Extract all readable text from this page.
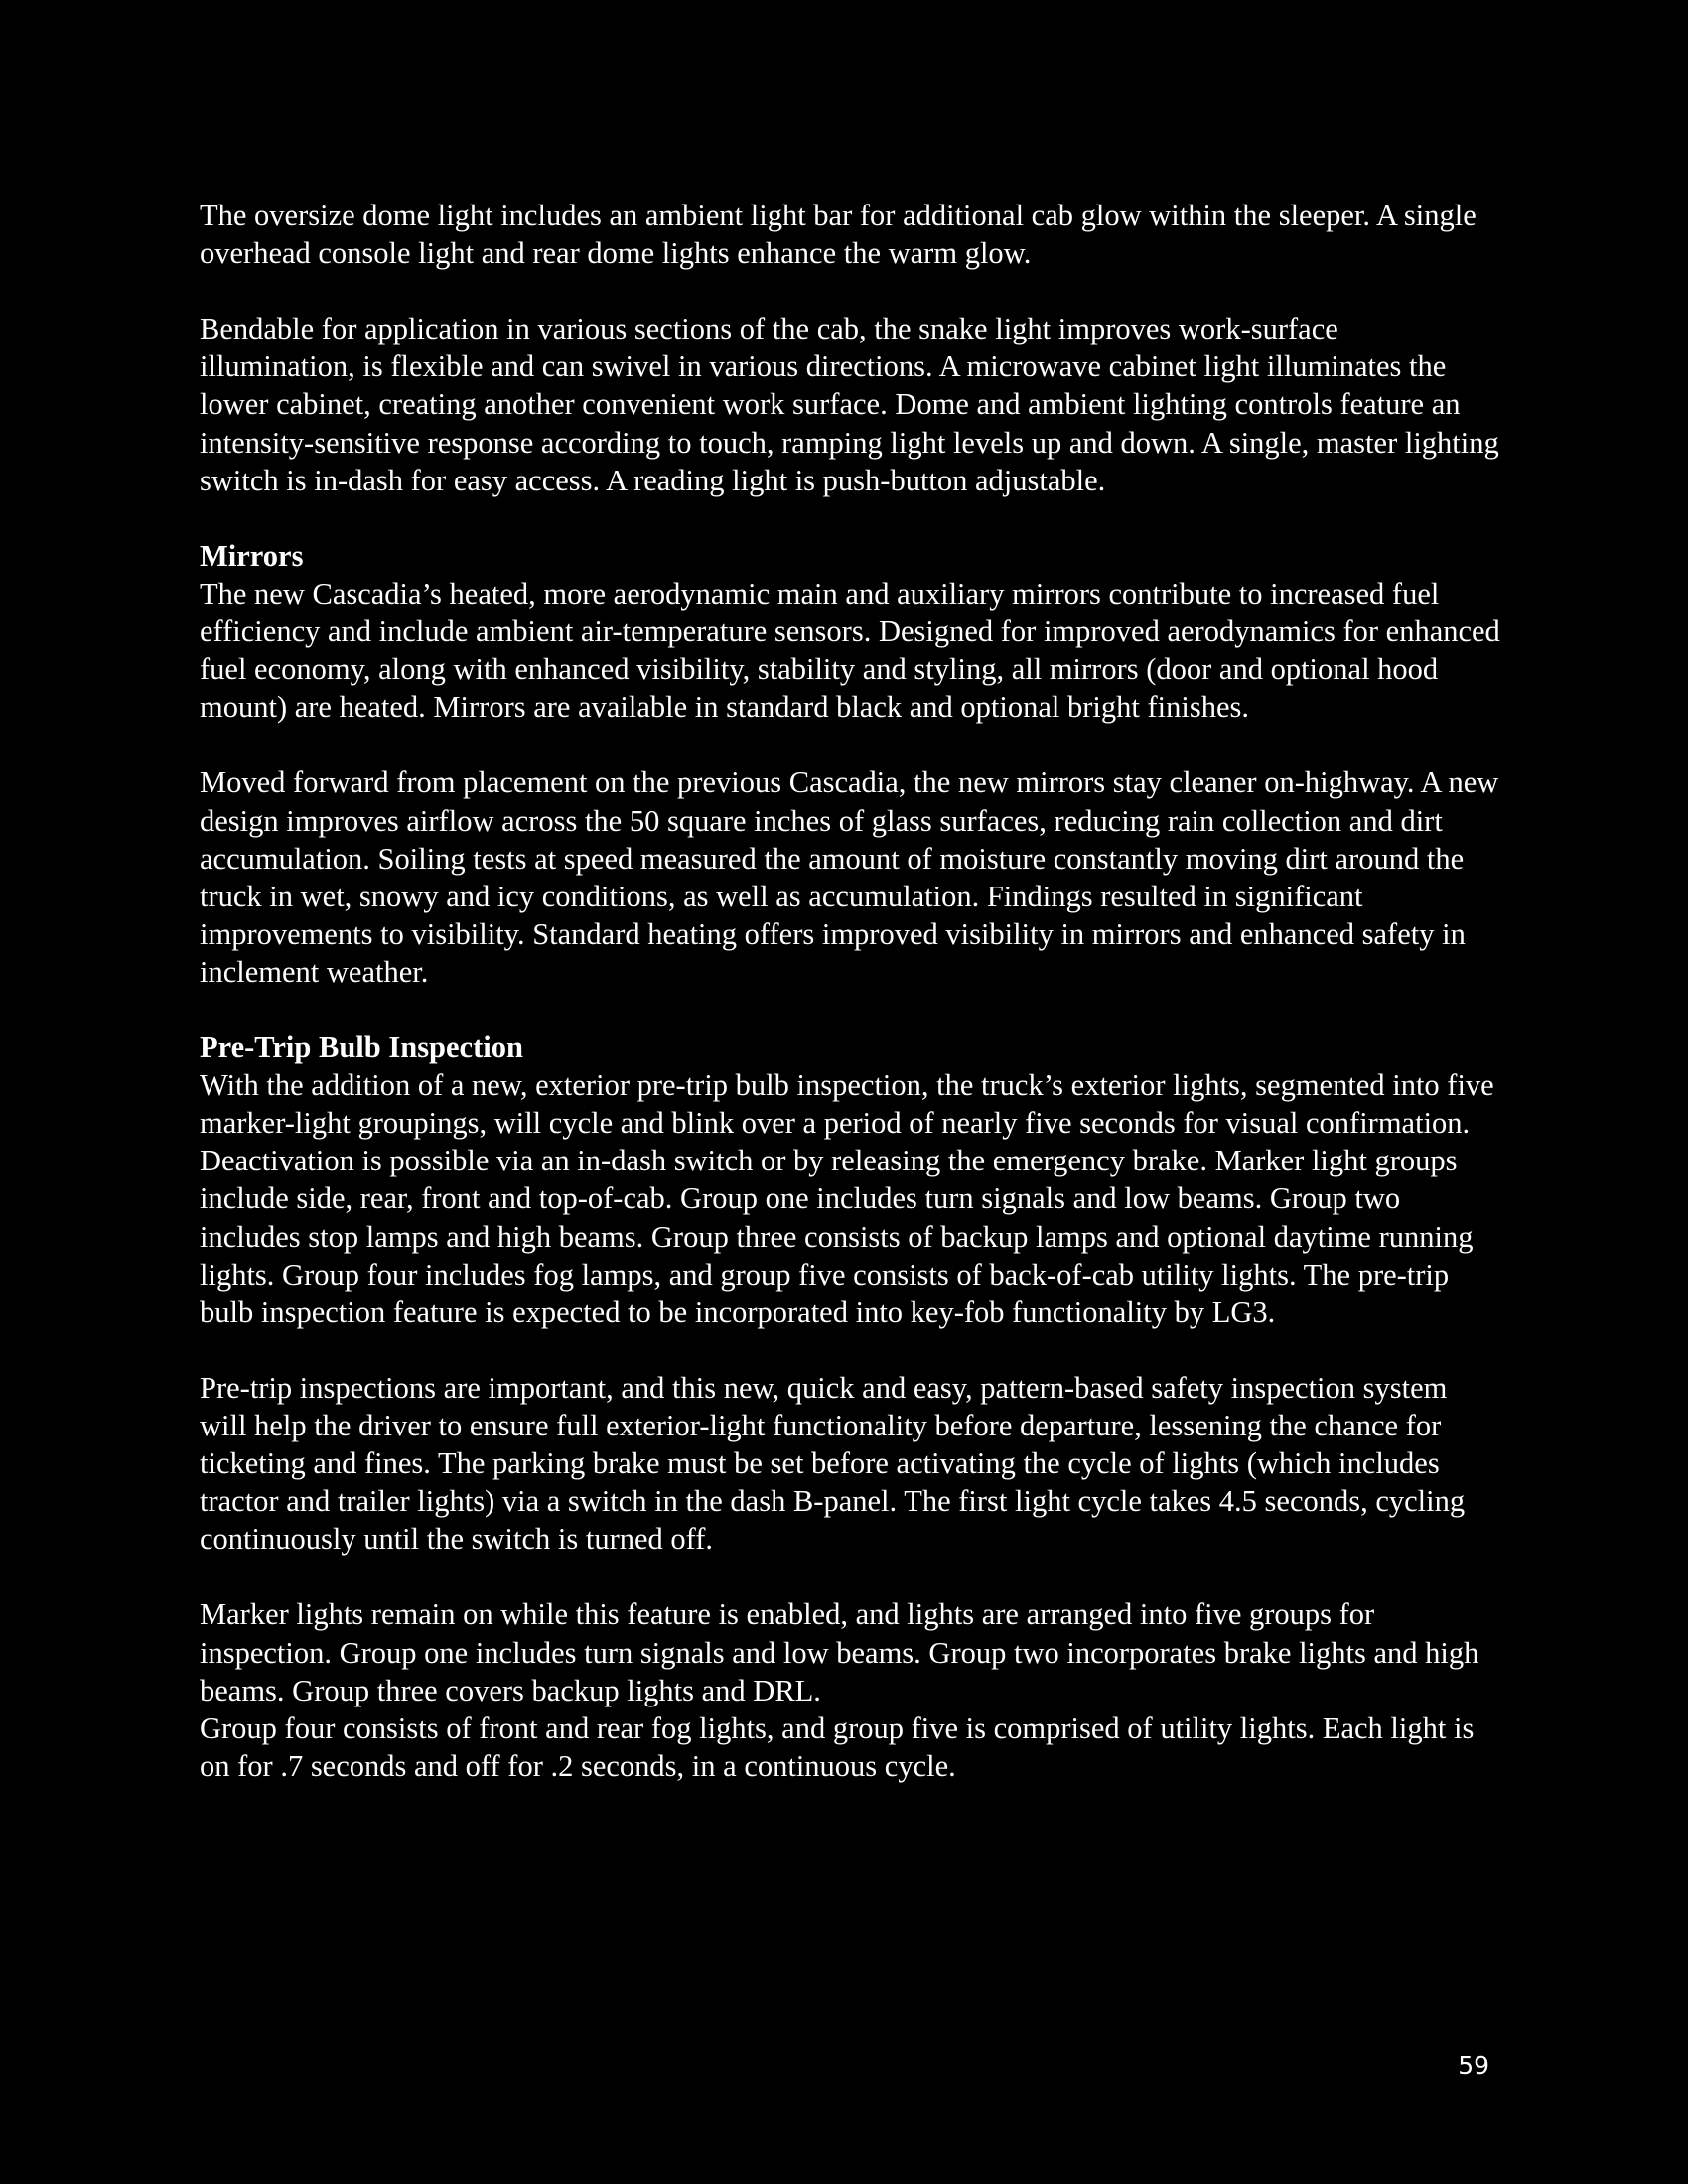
The oversize dome light includes an ambient light bar for additional cab glow within the sleeper. A single overhead console light and rear dome lights enhance the warm glow.

Bendable for application in various sections of the cab, the snake light improves work-surface illumination, is flexible and can swivel in various directions. A microwave cabinet light illuminates the lower cabinet, creating another convenient work surface. Dome and ambient lighting controls feature an intensity-sensitive response according to touch, ramping light levels up and down. A single, master lighting switch is in-dash for easy access. A reading light is push-button adjustable.

Mirrors

The new Cascadia’s heated, more aerodynamic main and auxiliary mirrors contribute to increased fuel efficiency and include ambient air-temperature sensors. Designed for improved aerodynamics for enhanced fuel economy, along with enhanced visibility, stability and styling, all mirrors (door and optional hood mount) are heated. Mirrors are available in standard black and optional bright finishes.

Moved forward from placement on the previous Cascadia, the new mirrors stay cleaner on-highway. A new design improves airflow across the 50 square inches of glass surfaces, reducing rain collection and dirt accumulation. Soiling tests at speed measured the amount of moisture constantly moving dirt around the truck in wet, snowy and icy conditions, as well as accumulation. Findings resulted in significant improvements to visibility. Standard heating offers improved visibility in mirrors and enhanced safety in inclement weather.

Pre-Trip Bulb Inspection

With the addition of a new, exterior pre-trip bulb inspection, the truck’s exterior lights, segmented into five marker-light groupings, will cycle and blink over a period of nearly five seconds for visual confirmation. Deactivation is possible via an in-dash switch or by releasing the emergency brake. Marker light groups include side, rear, front and top-of-cab. Group one includes turn signals and low beams. Group two includes stop lamps and high beams. Group three consists of backup lamps and optional daytime running lights. Group four includes fog lamps, and group five consists of back-of-cab utility lights. The pre-trip bulb inspection feature is expected to be incorporated into key-fob functionality by LG3.

Pre-trip inspections are important, and this new, quick and easy, pattern-based safety inspection system will help the driver to ensure full exterior-light functionality before departure, lessening the chance for ticketing and fines. The parking brake must be set before activating the cycle of lights (which includes tractor and trailer lights) via a switch in the dash B-panel. The first light cycle takes 4.5 seconds, cycling continuously until the switch is turned off.

Marker lights remain on while this feature is enabled, and lights are arranged into five groups for inspection. Group one includes turn signals and low beams. Group two incorporates brake lights and high beams. Group three covers backup lights and DRL.

Group four consists of front and rear fog lights, and group five is comprised of utility lights. Each light is on for .7 seconds and off for .2 seconds, in a continuous cycle.

59
